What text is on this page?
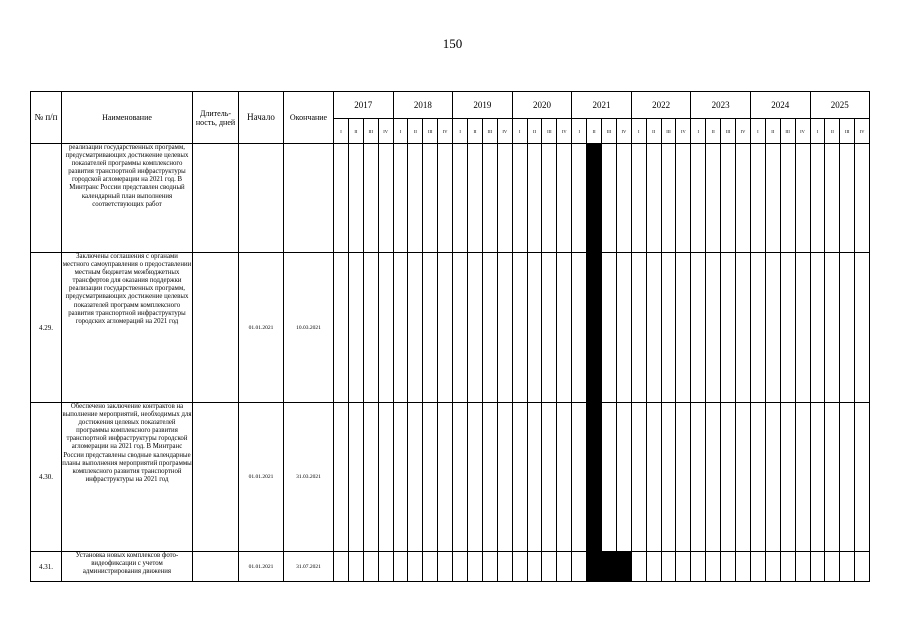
150
№ п/п	Наименование	Длитель-ность, дней	Начало	Окончание	2017				2018				2019				2020				2021				2022				2023				2024				2025			
					I	II	III	IV	I	II	III	IV	I	II	III	IV	I	II	III	IV	I	II	III	IV	I	II	III	IV	I	II	III	IV	I	II	III	IV	I	II	III	IV
	реализации государственных программ, предусматривающих достижение целевых показателей программы комплексного развития транспортной инфраструктуры городской агломерации на 2021 год. В Минтранс России представлен сводный календарный план выполнения соответствующих работ																																							
4.29.	Заключены соглашения с органами местного самоуправления о предоставлении местным бюджетам межбюджетных трансфертов для оказания поддержки реализации государственных программ, предусматривающих достижение целевых показателей программ комплексного развития транспортной инфраструктуры городских агломераций на 2021 год		01.01.2021	10.03.2021																																				
4.30.	Обеспечено заключение контрактов на выполнение мероприятий, необходимых для достижения целевых показателей программы комплексного развития транспортной инфраструктуры городской агломерации на 2021 год. В Минтранс России представлены сводные календарные планы выполнения мероприятий программы комплексного развития транспортной инфраструктуры на 2021 год		01.01.2021	31.03.2021																																				
4.31.	Установка новых комплексов фото-видеофиксации с учетом администрирования движения		01.01.2021	31.07.2021																																				
